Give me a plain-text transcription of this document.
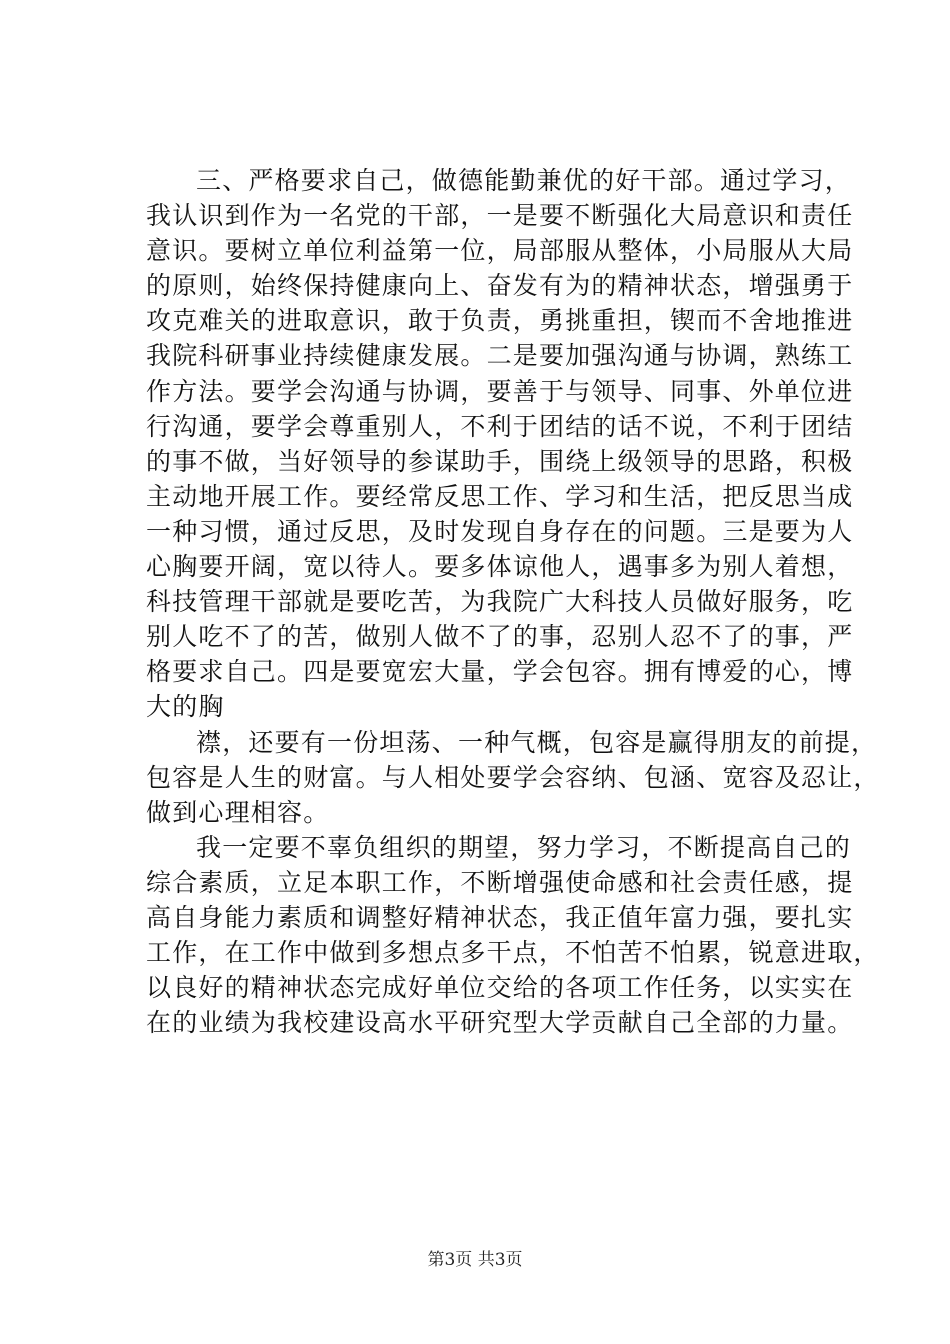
三、严格要求自己，做德能勤兼优的好干部。通过学习，
我认识到作为一名党的干部，一是要不断强化大局意识和责任
意识。要树立单位利益第一位，局部服从整体，小局服从大局
的原则，始终保持健康向上、奋发有为的精神状态，增强勇于
攻克难关的进取意识，敢于负责，勇挑重担，锲而不舍地推进
我院科研事业持续健康发展。二是要加强沟通与协调，熟练工
作方法。要学会沟通与协调，要善于与领导、同事、外单位进
行沟通，要学会尊重别人，不利于团结的话不说，不利于团结
的事不做，当好领导的参谋助手，围绕上级领导的思路，积极
主动地开展工作。要经常反思工作、学习和生活，把反思当成
一种习惯，通过反思，及时发现自身存在的问题。三是要为人
心胸要开阔，宽以待人。要多体谅他人，遇事多为别人着想，
科技管理干部就是要吃苦，为我院广大科技人员做好服务，吃
别人吃不了的苦，做别人做不了的事，忍别人忍不了的事，严
格要求自己。四是要宽宏大量，学会包容。拥有博爱的心，博
大的胸
襟，还要有一份坦荡、一种气概，包容是赢得朋友的前提，
包容是人生的财富。与人相处要学会容纳、包涵、宽容及忍让，
做到心理相容。
我一定要不辜负组织的期望，努力学习，不断提高自己的
综合素质，立足本职工作，不断增强使命感和社会责任感，提
高自身能力素质和调整好精神状态，我正值年富力强，要扎实
工作，在工作中做到多想点多干点，不怕苦不怕累，锐意进取，
以良好的精神状态完成好单位交给的各项工作任务，以实实在
在的业绩为我校建设高水平研究型大学贡献自己全部的力量。
第3页 共3页
